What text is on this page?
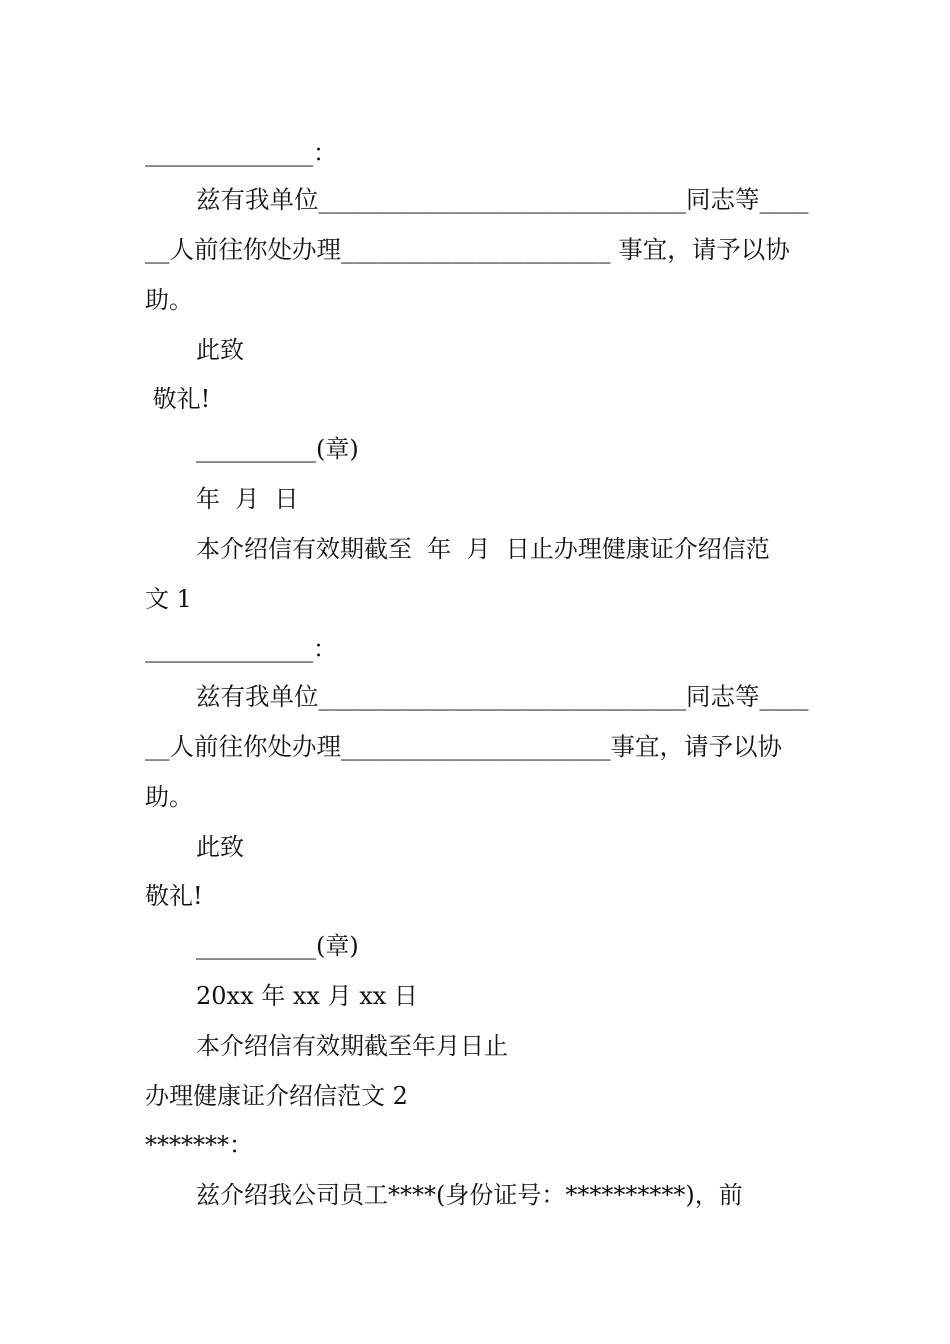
______________：
兹有我单位______________________________同志等____
__人前往你处办理______________________ 事宜，请予以协
助。
此致
敬礼!
__________(章)
年  月  日
本介绍信有效期截至  年  月  日止办理健康证介绍信范
文 1
______________：
兹有我单位______________________________同志等____
__人前往你处办理______________________事宜，请予以协
助。
此致
敬礼!
__________(章)
20xx 年 xx 月 xx 日
本介绍信有效期截至年月日止
办理健康证介绍信范文 2
*******：
兹介绍我公司员工****(身份证号：**********)，前
